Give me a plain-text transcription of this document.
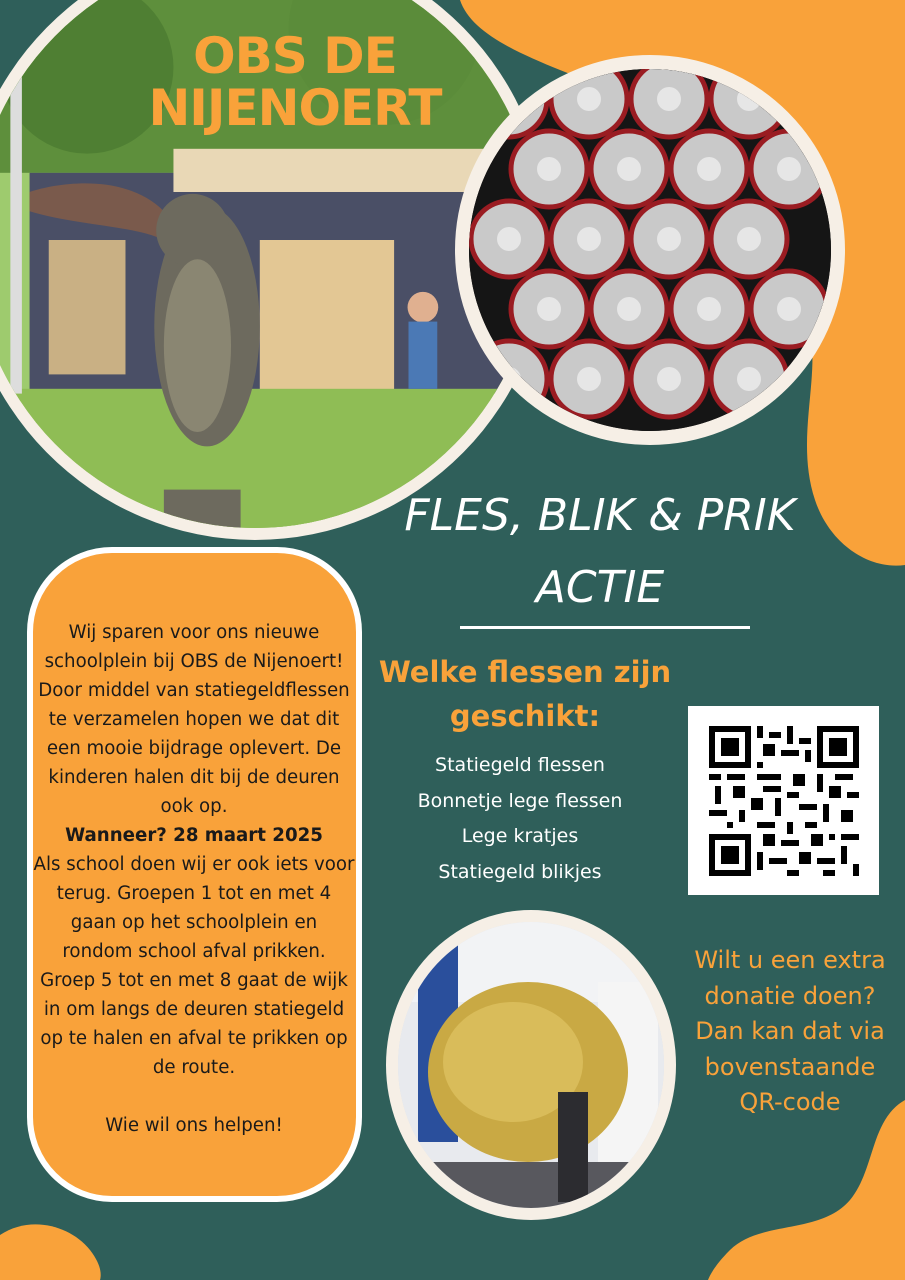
OBS DE NIJENOERT
FLES, BLIK & PRIK
ACTIE
Welke flessen zijn geschikt:
Statiegeld flessen
Bonnetje lege flessen
Lege kratjes
Statiegeld blikjes
Wij sparen voor ons nieuwe schoolplein bij OBS de Nijenoert! Door middel van statiegeldflessen te verzamelen hopen we dat dit een mooie bijdrage oplevert. De kinderen halen dit bij de deuren ook op.
Wanneer? 28 maart 2025
Als school doen wij er ook iets voor terug. Groepen 1 tot en met 4 gaan op het schoolplein en rondom school afval prikken. Groep 5 tot en met 8 gaat de wijk in om langs de deuren statiegeld op te halen en afval te prikken op de route.
Wie wil ons helpen!
Wilt u een extra donatie doen? Dan kan dat via bovenstaande QR-code
